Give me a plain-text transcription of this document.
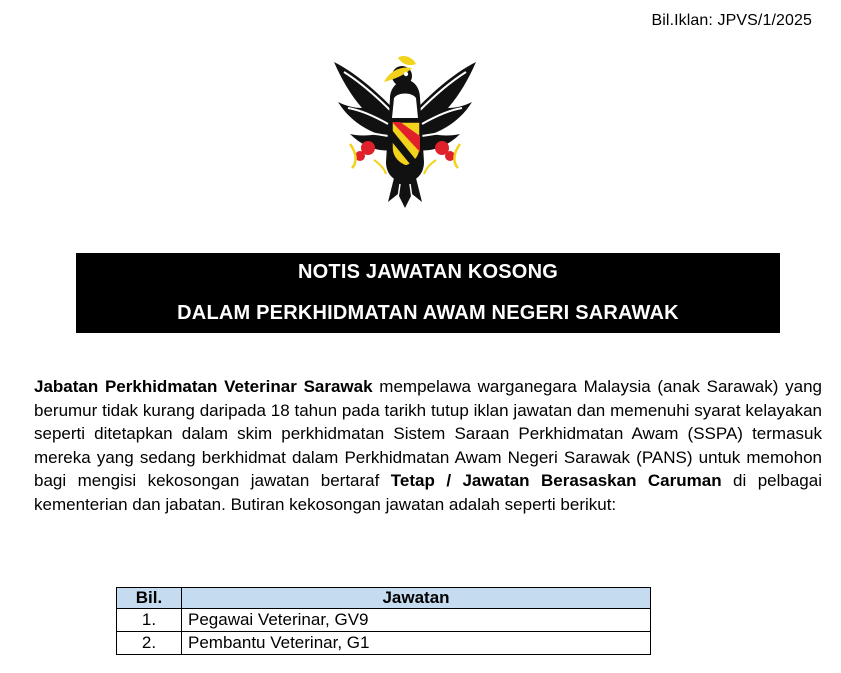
Bil.Iklan: JPVS/1/2025
NOTIS JAWATAN KOSONG
DALAM PERKHIDMATAN AWAM NEGERI SARAWAK
Jabatan Perkhidmatan Veterinar Sarawak mempelawa warganegara Malaysia (anak Sarawak) yang berumur tidak kurang daripada 18 tahun pada tarikh tutup iklan jawatan dan memenuhi syarat kelayakan seperti ditetapkan dalam skim perkhidmatan Sistem Saraan Perkhidmatan Awam (SSPA) termasuk mereka yang sedang berkhidmat dalam Perkhidmatan Awam Negeri Sarawak (PANS) untuk memohon bagi mengisi kekosongan jawatan bertaraf Tetap / Jawatan Berasaskan Caruman di pelbagai kementerian dan jabatan. Butiran kekosongan jawatan adalah seperti berikut:
Bil.	Jawatan
1.	Pegawai Veterinar, GV9
2.	Pembantu Veterinar, G1
